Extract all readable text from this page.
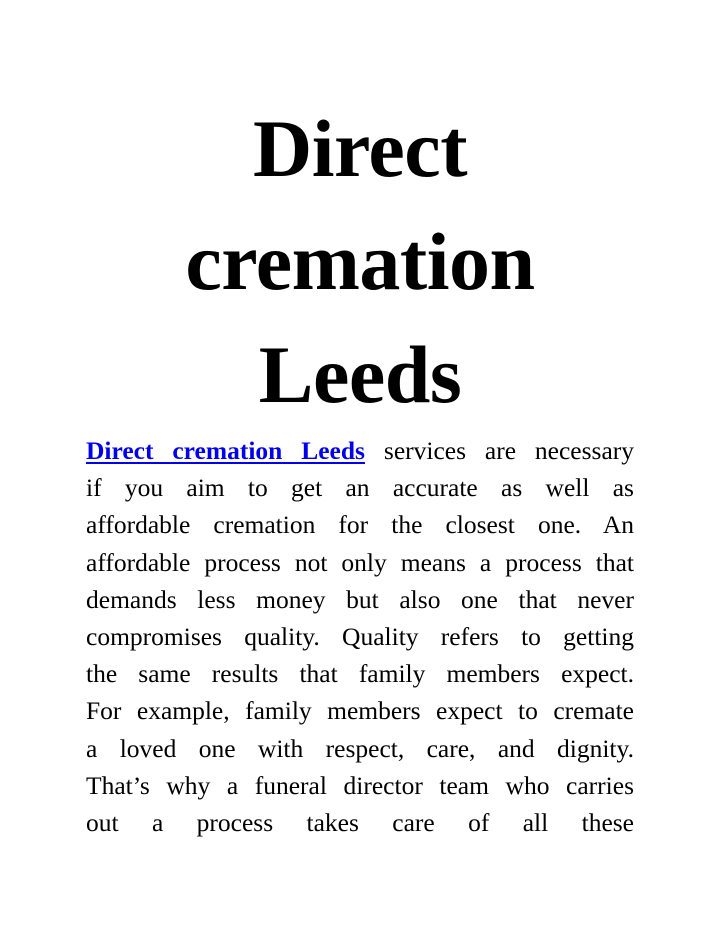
Direct
cremation
Leeds

Direct cremation Leeds services are necessary
if you aim to get an accurate as well as
affordable cremation for the closest one. An
affordable process not only means a process that
demands less money but also one that never
compromises quality. Quality refers to getting
the same results that family members expect.
For example, family members expect to cremate
a loved one with respect, care, and dignity.
That’s why a funeral director team who carries
out a process takes care of all these
